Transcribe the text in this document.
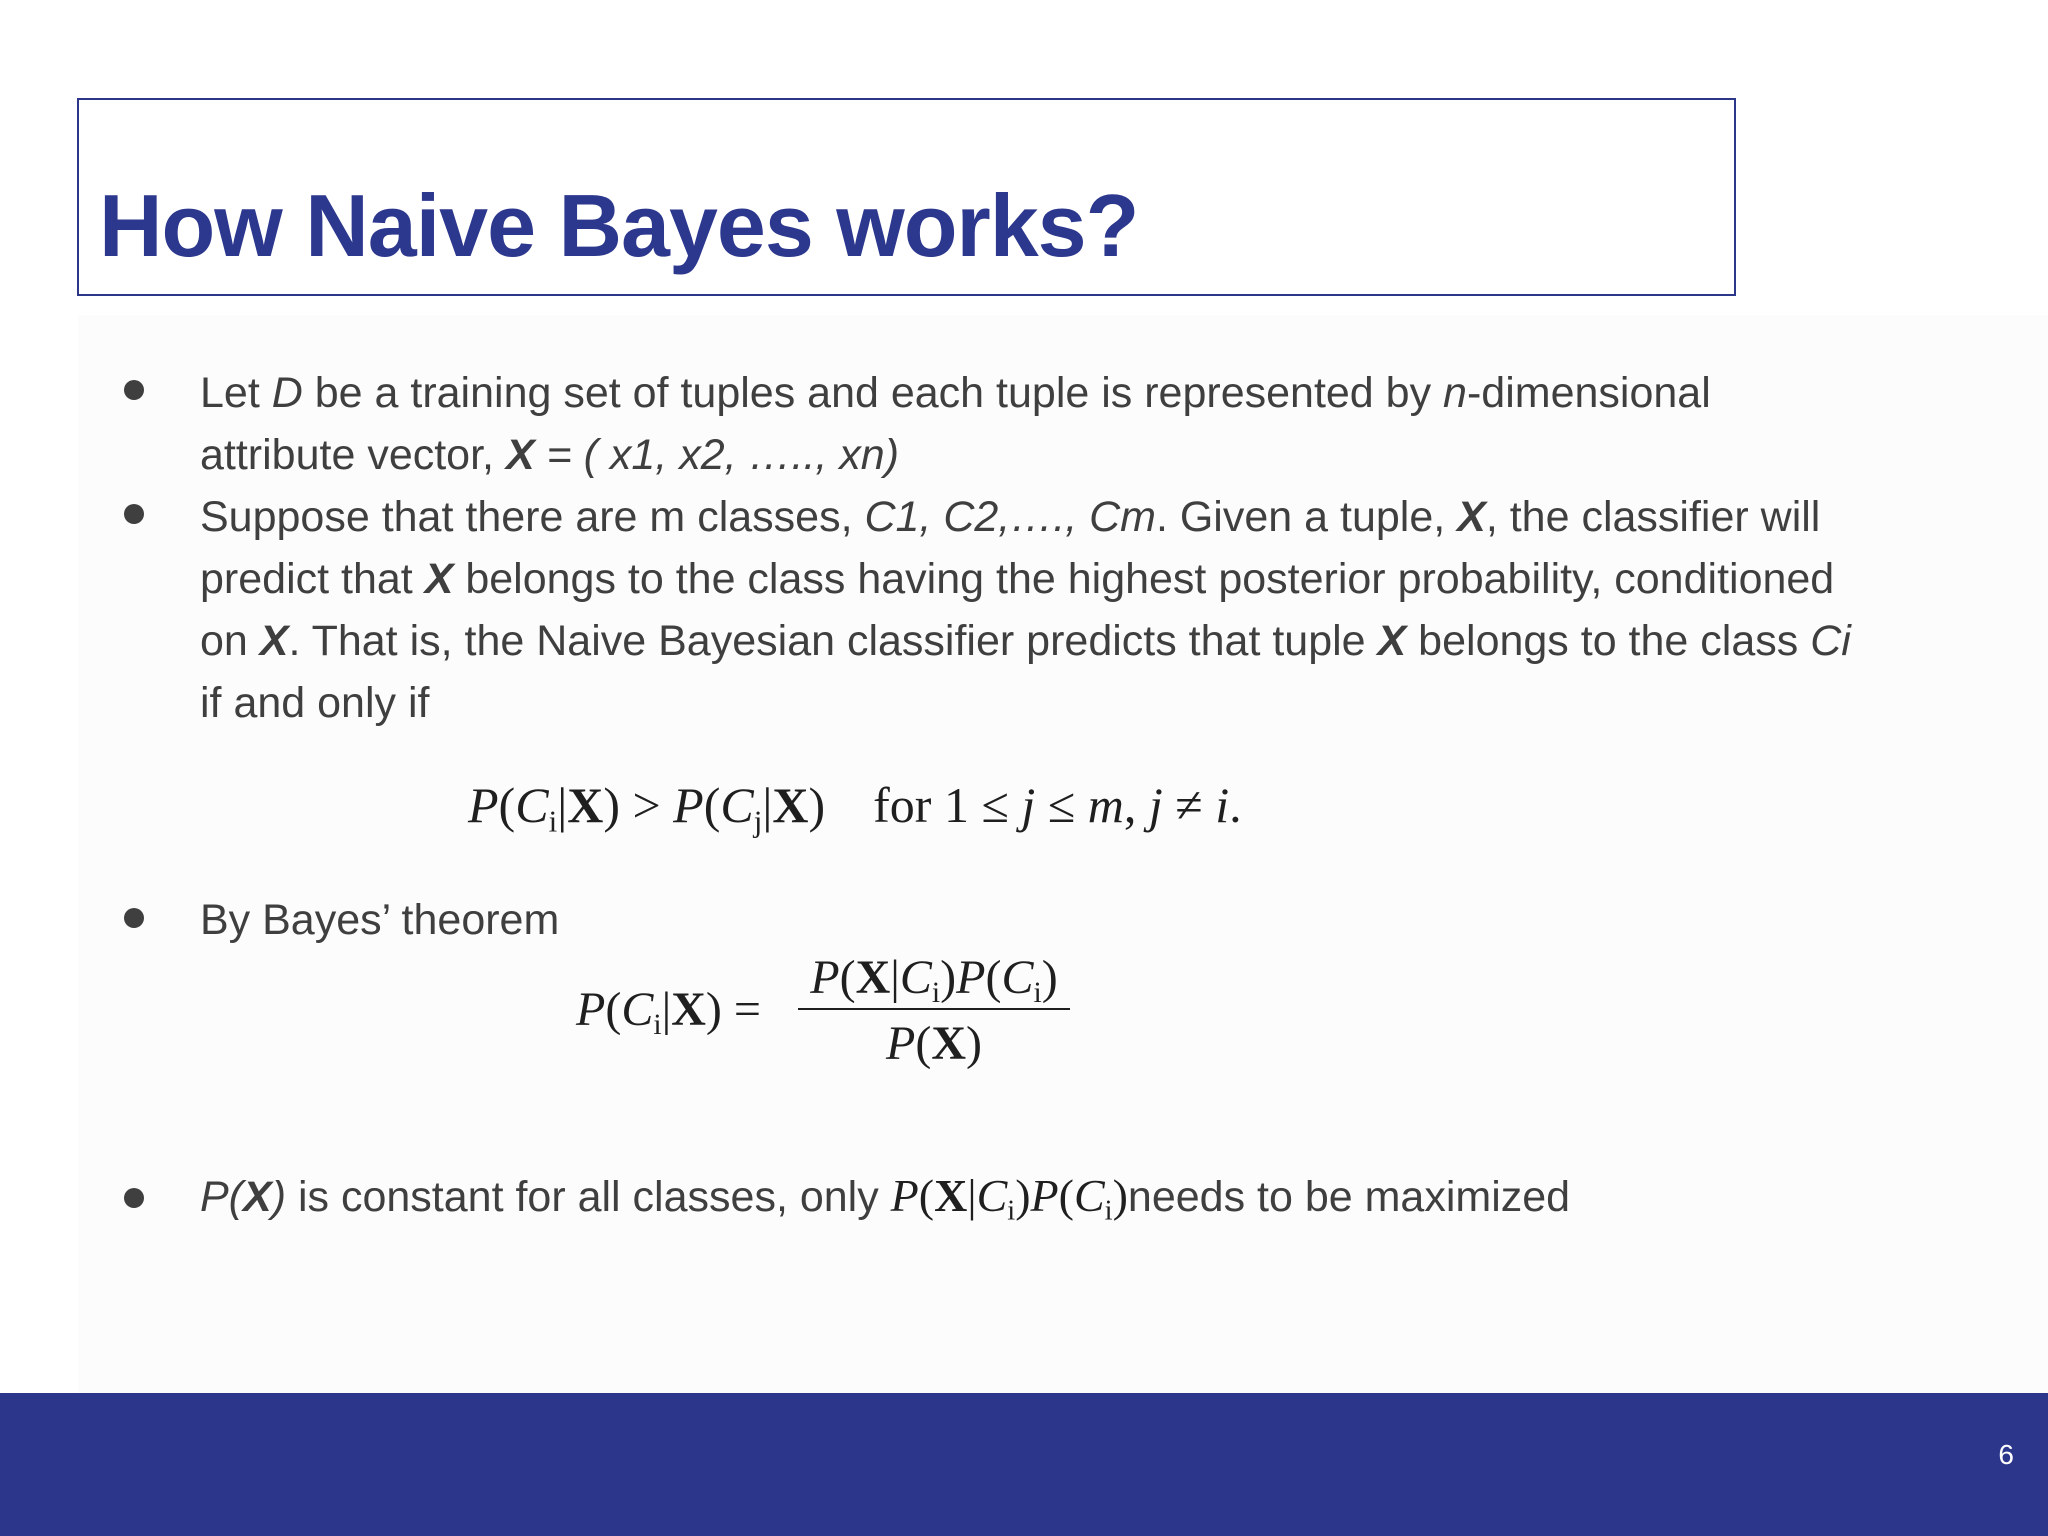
How Naive Bayes works?

Let D be a training set of tuples and each tuple is represented by n-dimensional
attribute vector, X = ( x1, x2, ….., xn)

Suppose that there are m classes, C1, C2,…., Cm. Given a tuple, X, the classifier will
predict that X belongs to the class having the highest posterior probability, conditioned
on X. That is, the Naive Bayesian classifier predicts that tuple X belongs to the class Ci
if and only if

$P(C_i|X) > P(C_j|X)$ for 1 ≤ j ≤ m, j ≠ i.

By Bayes’ theorem

$P(C_i|X)$ =
$P(X|C_i)P(C_i)$
P(X)

P(X) is constant for all classes, only $P(X|C_i)P(C_i)needs$ to be maximized

6
